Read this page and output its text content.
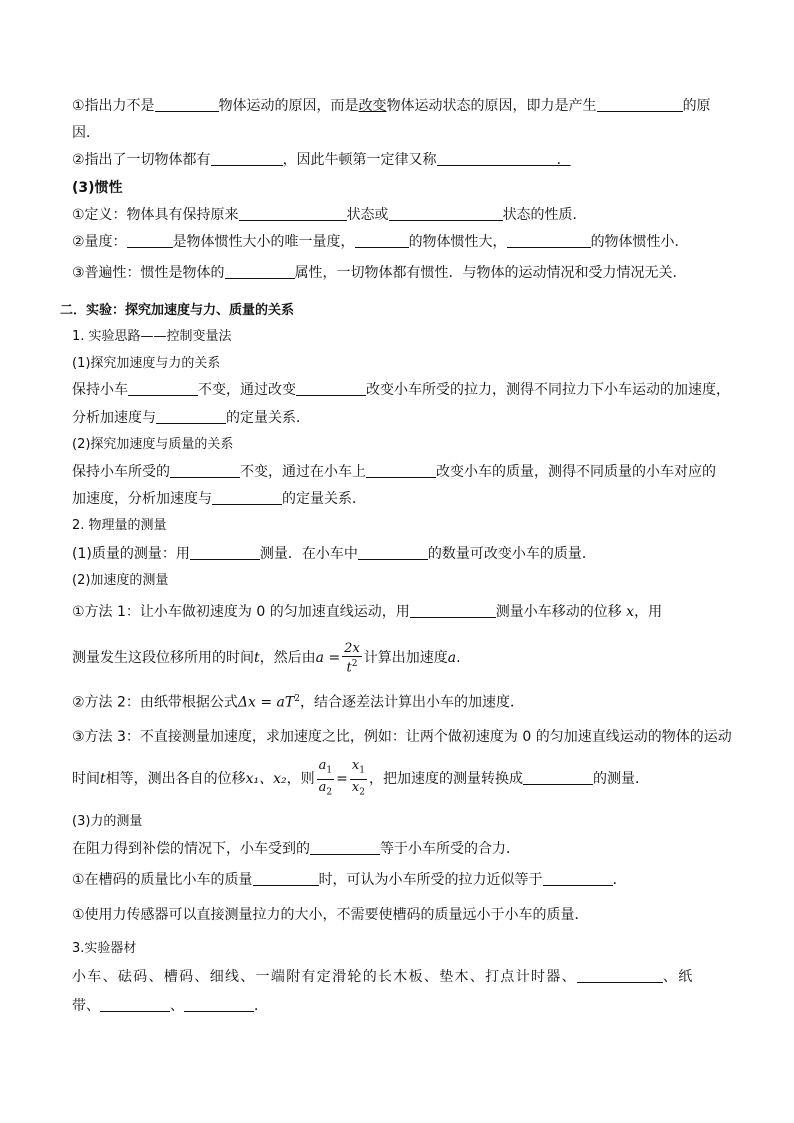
①指出力不是	物体运动的原因，而是改变物体运动状态的原因，即力是产生	的原
因．
②指出了一切物体都有	，因此牛顿第一定律又称	．
(3)惯性
①定义：物体具有保持原来	状态或	状态的性质．
②量度：	是物体惯性大小的唯一量度，	的物体惯性大，	的物体惯性小．
③普遍性：惯性是物体的	属性，一切物体都有惯性．与物体的运动情况和受力情况无关．
二．实验：探究加速度与力、质量的关系
1. 实验思路——控制变量法
(1)探究加速度与力的关系
保持小车	不变，通过改变	改变小车所受的拉力，测得不同拉力下小车运动的加速度，
分析加速度与	的定量关系．
(2)探究加速度与质量的关系
保持小车所受的	不变，通过在小车上	改变小车的质量，测得不同质量的小车对应的
加速度，分析加速度与	的定量关系．
2. 物理量的测量
(1)质量的测量：用	测量．在小车中	的数量可改变小车的质量．
(2)加速度的测量
①方法 1：让小车做初速度为 0 的匀加速直线运动，用	测量小车移动的位移 x，用
测量发生这段位移所用的时间t，然后由$a = \frac{2x}{t^2}$ 计算出加速度a.
②方法 2：由纸带根据公式$\Delta x = aT^2$，结合逐差法计算出小车的加速度．
③方法 3：不直接测量加速度，求加速度之比，例如：让两个做初速度为 0 的匀加速直线运动的物体的运动
时间t相等，测出各自的位移x₁、x₂，则 $\frac{a_1}{a_2} = \frac{x_1}{x_2}$ ，把加速度的测量转换成	的测量．
(3)力的测量
在阻力得到补偿的情况下，小车受到的	等于小车所受的合力．
①在槽码的质量比小车的质量	时，可认为小车所受的拉力近似等于	．
①使用力传感器可以直接测量拉力的大小，不需要使槽码的质量远小于小车的质量．
3.实验器材
小车、砝码、槽码、细线、一端附有定滑轮的长木板、垫木、打点计时器、	、纸
带、	、	．
